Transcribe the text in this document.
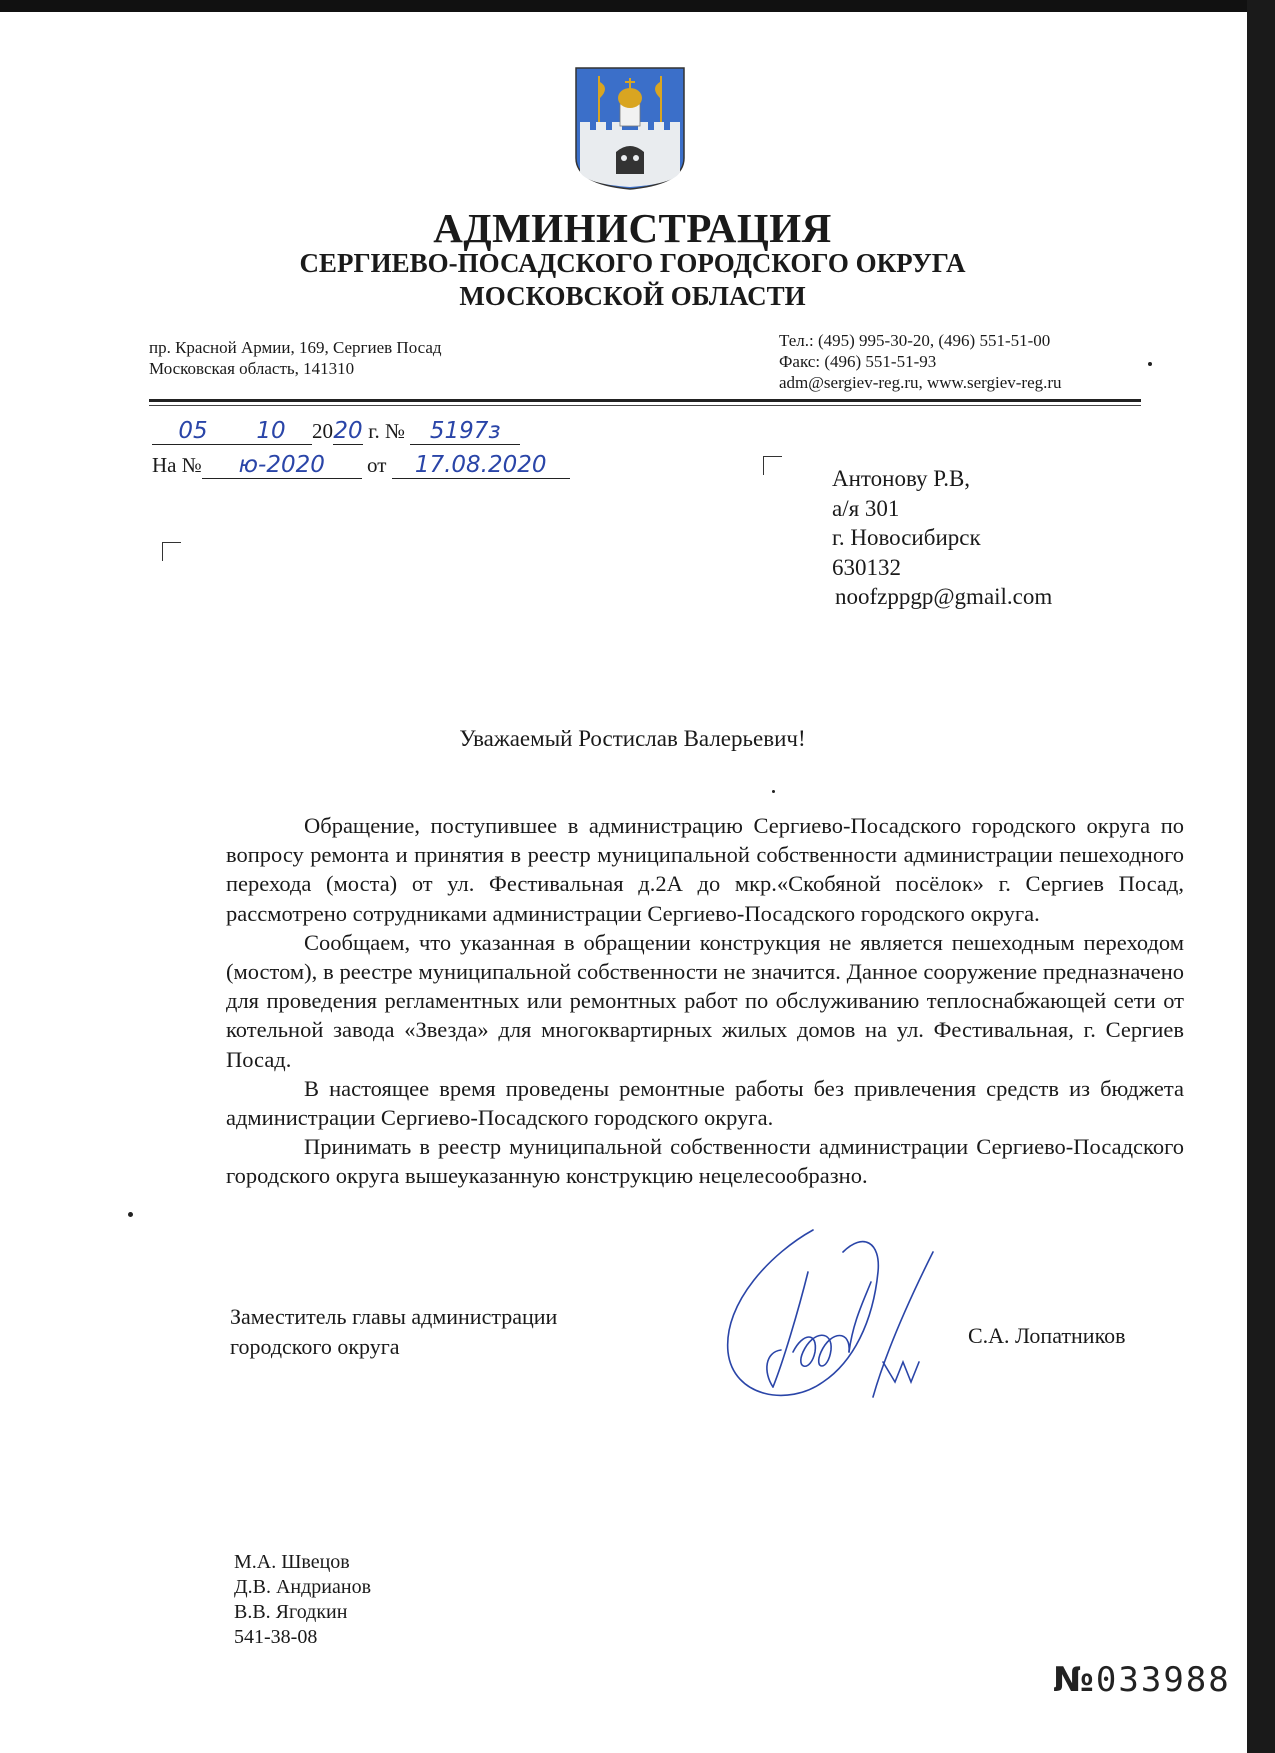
АДМИНИСТРАЦИЯ
СЕРГИЕВО-ПОСАДСКОГО ГОРОДСКОГО ОКРУГА
МОСКОВСКОЙ ОБЛАСТИ
пр. Красной Армии, 169, Сергиев Посад
Московская область, 141310
Тел.: (495) 995-30-20, (496) 551-51-00
Факс: (496) 551-51-93
adm@sergiev-reg.ru, www.sergiev-reg.ru
05 10 2020 г. № 5197з
На № ю-2020 от 17.08.2020
Антонову Р.В,
а/я 301
г. Новосибирск
630132
noofzppgp@gmail.com
Уважаемый Ростислав Валерьевич!

Обращение, поступившее в администрацию Сергиево-Посадского городского округа по вопросу ремонта и принятия в реестр муниципальной собственности администрации пешеходного перехода (моста) от ул. Фестивальная д.2А до мкр.«Скобяной посёлок» г. Сергиев Посад, рассмотрено сотрудниками администрации Сергиево-Посадского городского округа.

Сообщаем, что указанная в обращении конструкция не является пешеходным переходом (мостом), в реестре муниципальной собственности не значится. Данное сооружение предназначено для проведения регламентных или ремонтных работ по обслуживанию теплоснабжающей сети от котельной завода «Звезда» для многоквартирных жилых домов на ул. Фестивальная, г. Сергиев Посад.

В настоящее время проведены ремонтные работы без привлечения средств из бюджета администрации Сергиево-Посадского городского округа.

Принимать в реестр муниципальной собственности администрации Сергиево-Посадского городского округа вышеуказанную конструкцию нецелесообразно.

Заместитель главы администрации
городского округа	С.А. Лопатников
М.А. Швецов
Д.В. Андрианов
В.В. Ягодкин
541-38-08
№033988
